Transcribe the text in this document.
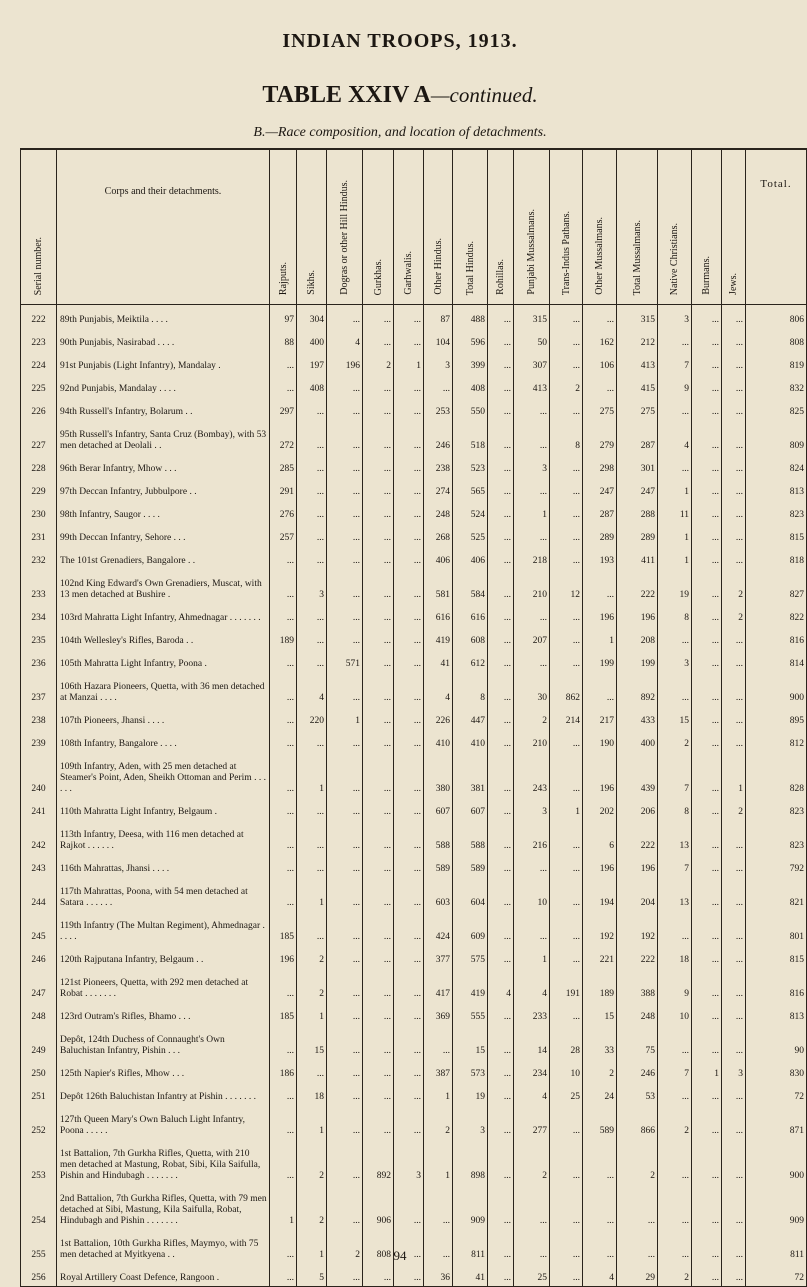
INDIAN TROOPS, 1913.
TABLE XXIV A—continued.
B.—Race composition, and location of detachments.
Serial number.	Corps and their detachments.	Rajputs.	Sikhs.	Dogras or other Hill Hindus.	Gurkhas.	Garhwalis.	Other Hindus.	Total Hindus.	Rohillas.	Punjabi Mussalmans.	Trans-Indus Pathans.	Other Mussalmans.	Total Mussalmans.	Native Christians.	Burmans.	Jews.	Total.
222	89th Punjabis, Meiktila . . . .	97	304	...	...	...	87	488	...	315	...	...	315	3	...	...	806
223	90th Punjabis, Nasirabad . . . .	88	400	4	...	...	104	596	...	50	...	162	212	...	...	...	808
224	91st Punjabis (Light Infantry), Mandalay .	...	197	196	2	1	3	399	...	307	...	106	413	7	...	...	819
225	92nd Punjabis, Mandalay . . . .	...	408	...	...	...	...	408	...	413	2	...	415	9	...	...	832
226	94th Russell's Infantry, Bolarum . .	297	...	...	...	...	253	550	...	...	...	275	275	...	...	...	825
227	95th Russell's Infantry, Santa Cruz (Bombay), with 53 men detached at Deolali . .	272	...	...	...	...	246	518	...	...	8	279	287	4	...	...	809
228	96th Berar Infantry, Mhow . . .	285	...	...	...	...	238	523	...	3	...	298	301	...	...	...	824
229	97th Deccan Infantry, Jubbulpore . .	291	...	...	...	...	274	565	...	...	...	247	247	1	...	...	813
230	98th Infantry, Saugor . . . .	276	...	...	...	...	248	524	...	1	...	287	288	11	...	...	823
231	99th Deccan Infantry, Sehore . . .	257	...	...	...	...	268	525	...	...	...	289	289	1	...	...	815
232	The 101st Grenadiers, Bangalore . .	...	...	...	...	...	406	406	...	218	...	193	411	1	...	...	818
233	102nd King Edward's Own Grenadiers, Muscat, with 13 men detached at Bushire .	...	3	...	...	...	581	584	...	210	12	...	222	19	...	2	827
234	103rd Mahratta Light Infantry, Ahmednagar . . . . . . .	...	...	...	...	...	616	616	...	...	...	196	196	8	...	2	822
235	104th Wellesley's Rifles, Baroda . .	189	...	...	...	...	419	608	...	207	...	1	208	...	...	...	816
236	105th Mahratta Light Infantry, Poona .	...	...	571	...	...	41	612	...	...	...	199	199	3	...	...	814
237	106th Hazara Pioneers, Quetta, with 36 men detached at Manzai . . . .	...	4	...	...	...	4	8	...	30	862	...	892	...	...	...	900
238	107th Pioneers, Jhansi . . . .	...	220	1	...	...	226	447	...	2	214	217	433	15	...	...	895
239	108th Infantry, Bangalore . . . .	...	...	...	...	...	410	410	...	210	...	190	400	2	...	...	812
240	109th Infantry, Aden, with 25 men detached at Steamer's Point, Aden, Sheikh Ottoman and Perim . . . . . .	...	1	...	...	...	380	381	...	243	...	196	439	7	...	1	828
241	110th Mahratta Light Infantry, Belgaum .	...	...	...	...	...	607	607	...	3	1	202	206	8	...	2	823
242	113th Infantry, Deesa, with 116 men detached at Rajkot . . . . . .	...	...	...	...	...	588	588	...	216	...	6	222	13	...	...	823
243	116th Mahrattas, Jhansi . . . .	...	...	...	...	...	589	589	...	...	...	196	196	7	...	...	792
244	117th Mahrattas, Poona, with 54 men detached at Satara . . . . . .	...	1	...	...	...	603	604	...	10	...	194	204	13	...	...	821
245	119th Infantry (The Multan Regiment), Ahmednagar . . . . .	185	...	...	...	...	424	609	...	...	...	192	192	...	...	...	801
246	120th Rajputana Infantry, Belgaum . .	196	2	...	...	...	377	575	...	1	...	221	222	18	...	...	815
247	121st Pioneers, Quetta, with 292 men detached at Robat . . . . . . .	...	2	...	...	...	417	419	4	4	191	189	388	9	...	...	816
248	123rd Outram's Rifles, Bhamo . . .	185	1	...	...	...	369	555	...	233	...	15	248	10	...	...	813
249	Depôt, 124th Duchess of Connaught's Own Baluchistan Infantry, Pishin . . .	...	15	...	...	...	...	15	...	14	28	33	75	...	...	...	90
250	125th Napier's Rifles, Mhow . . .	186	...	...	...	...	387	573	...	234	10	2	246	7	1	3	830
251	Depôt 126th Baluchistan Infantry at Pishin . . . . . . .	...	18	...	...	...	1	19	...	4	25	24	53	...	...	...	72
252	127th Queen Mary's Own Baluch Light Infantry, Poona . . . . .	...	1	...	...	...	2	3	...	277	...	589	866	2	...	...	871
253	1st Battalion, 7th Gurkha Rifles, Quetta, with 210 men detached at Mastung, Robat, Sibi, Kila Saifulla, Pishin and Hindubagh . . . . . . .	...	2	...	892	3	1	898	...	2	...	...	2	...	...	...	900
254	2nd Battalion, 7th Gurkha Rifles, Quetta, with 79 men detached at Sibi, Mastung, Kila Saifulla, Robat, Hindubagh and Pishin . . . . . . .	1	2	...	906	...	...	909	...	...	...	...	...	...	...	...	909
255	1st Battalion, 10th Gurkha Rifles, Maymyo, with 75 men detached at Myitkyena . .	...	1	2	808	...	...	811	...	...	...	...	...	...	...	...	811
256	Royal Artillery Coast Defence, Rangoon .	...	5	...	...	...	36	41	...	25	...	4	29	2	...	...	72
94
